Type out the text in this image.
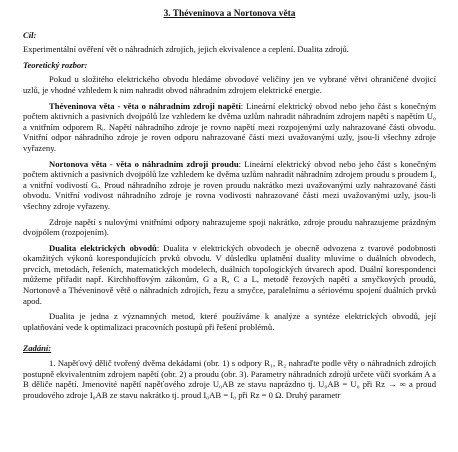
3. Théveninova a Nortonova věta
Cíl:

Experimentální ověření vět o náhradních zdrojích, jejich ekvivalence a ceplení. Dualita zdrojů.

Teoretický rozbor:

Pokud u složitého elektrického obvodu hledáme obvodové veličiny jen ve vybrané větvi ohraničené dvojicí uzlů, je vhodné vzhledem k nim nahradit obvod náhradním zdrojem elektrické energie.

Théveninova věta - věta o náhradním zdroji napětí: Lineární elektrický obvod nebo jeho část s konečným počtem aktivních a pasivních dvojpólů lze vzhledem ke dvěma uzlům nahradit náhradním zdrojem napětí s napětím U₀ a vnitřním odporem Rᵢ. Napětí náhradního zdroje je rovno napětí mezi rozpojenými uzly nahrazované části obvodu. Vnitřní odpor náhradního zdroje je roven odporu nahrazované části mezi uvažovanými uzly, jsou-li všechny zdroje vyřazeny.

Nortonova věta - věta o náhradním zdroji proudu: Lineární elektrický obvod nebo jeho část s konečným počtem aktivních a pasivních dvojpólů lze vzhledem ke dvěma uzlům nahradit náhradním zdrojem proudu s proudem I₀ a vnitřní vodivostí Gᵢ. Proud náhradního zdroje je roven proudu nakrátko mezi uvažovanými uzly nahrazované části obvodu. Vnitřní vodivost náhradního zdroje je rovna vodivosti nahrazované části mezi uvažovanými uzly, jsou-li všechny zdroje vyřazeny.

Zdroje napětí s nulovými vnitřními odpory nahrazujeme spoji nakrátko, zdroje proudu nahrazujeme prázdným dvojpólem (rozpojením).

Dualita elektrických obvodů: Dualita v elektrických obvodech je obecně odvozena z tvarové podobnosti okamžitých výkonů korespondujících prvků obvodu. V důsledku uplatnění duality mluvíme o duálních obvodech, prvcích, metodách, řešeních, matematických modelech, duálních topologických útvarech apod. Duální korespondenci můžeme přiřadit např. Kirchhoffovým zákonům, G a R, C a L, metodě řezových napětí a smyčkových proudů, Nortonově a Théveninově větě o náhradních zdrojích, řezu a smyčce, paralelnímu a sériovému spojení duálních prvků apod.

Dualita je jedna z významných metod, které používáme k analýze a syntéze elektrických obvodů, její uplatňování vede k optimalizaci pracovních postupů při řešení problémů.

Zadání:

1. Napěťový dělič tvořený dvěma dekádami (obr. 1) s odpory R₁, R₂ nahraďte podle věty o náhradních zdrojích postupně ekvivalentním zdrojem napětí (obr. 2) a proudu (obr. 3). Parametry náhradních zdrojů určete vůči svorkám A a B děliče napětí. Jmenovité napětí napěťového zdroje U₀AB ze stavu naprázdno tj. U₀AB = U₀ při Rz → ∞ a proud proudového zdroje I₀AB ze stavu nakrátko tj. proud I₀AB = I₀ při Rz = 0 Ω. Druhý parametr
